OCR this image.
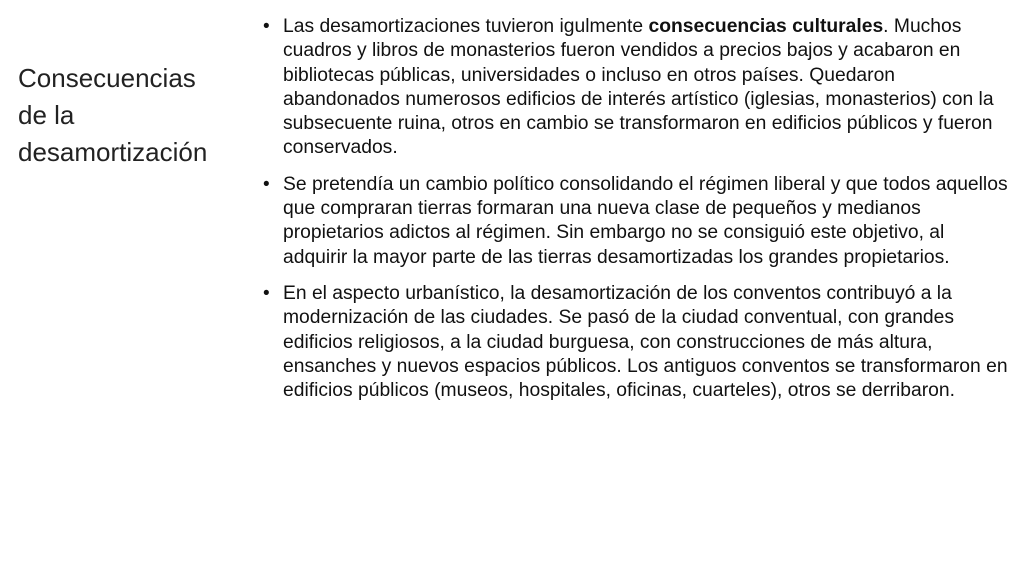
Consecuencias
de la
desamortización
• Las desamortizaciones tuvieron igulmente consecuencias culturales. Muchos cuadros y libros de monasterios fueron vendidos a precios bajos y acabaron en bibliotecas públicas, universidades o incluso en otros países. Quedaron abandonados numerosos edificios de interés artístico (iglesias, monasterios) con la subsecuente ruina, otros en cambio se transformaron en edificios públicos y fueron conservados.
• Se pretendía un cambio político consolidando el régimen liberal y que todos aquellos que compraran tierras formaran una nueva clase de pequeños y medianos propietarios adictos al régimen. Sin embargo no se consiguió este objetivo, al adquirir la mayor parte de las tierras desamortizadas los grandes propietarios.
• En el aspecto urbanístico, la desamortización de los conventos contribuyó a la modernización de las ciudades. Se pasó de la ciudad conventual, con grandes edificios religiosos, a la ciudad burguesa, con construcciones de más altura, ensanches y nuevos espacios públicos. Los antiguos conventos se transformaron en edificios públicos (museos, hospitales, oficinas, cuarteles), otros se derribaron.
